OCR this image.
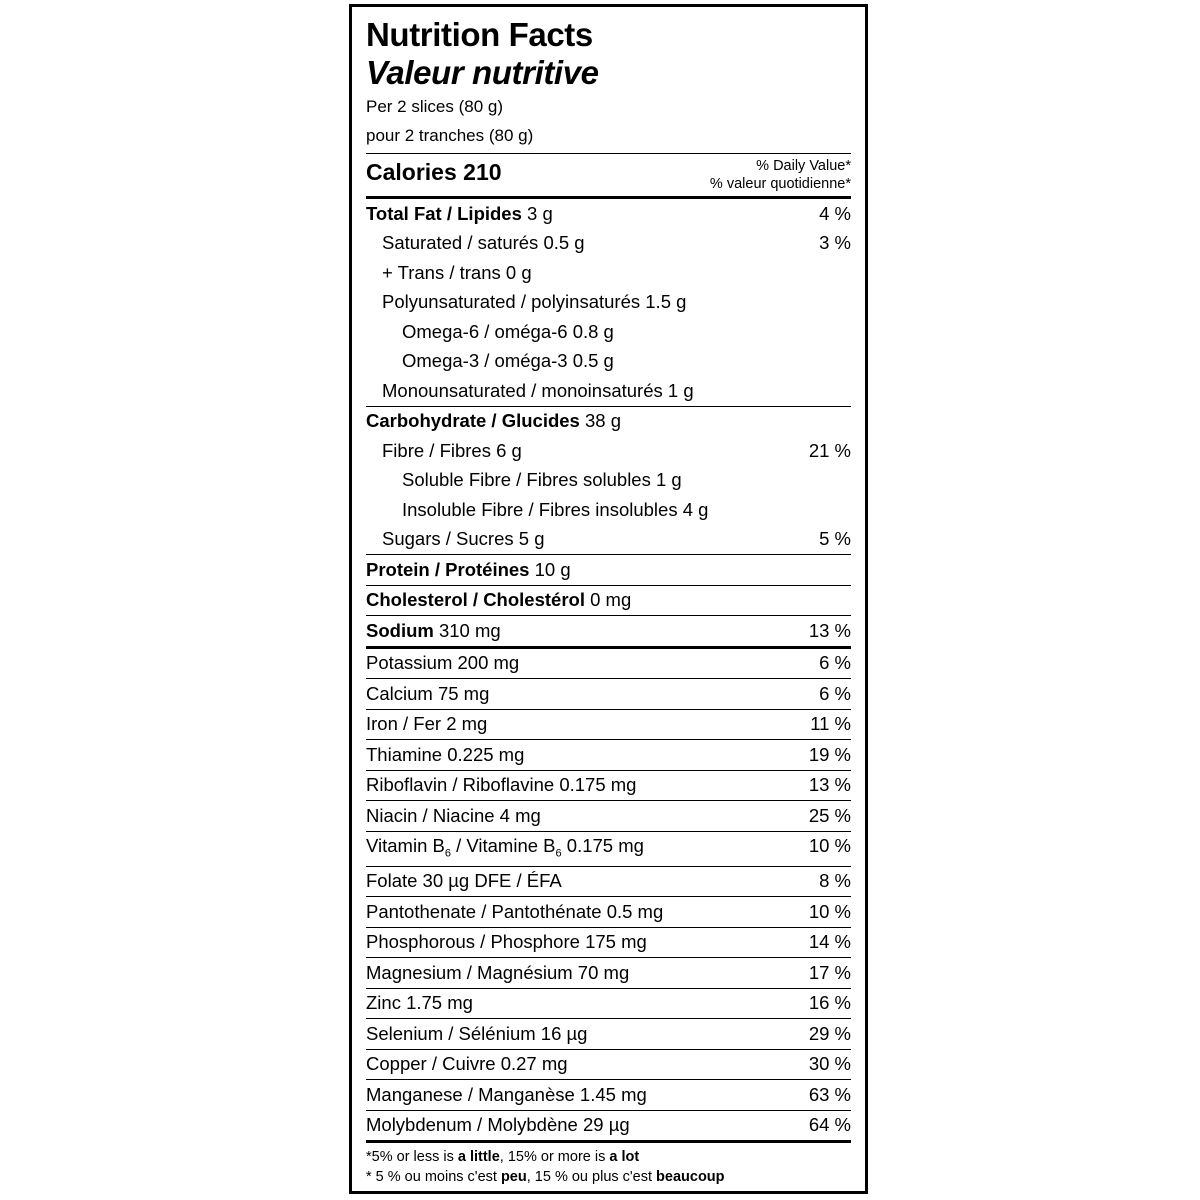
Nutrition Facts
Valeur nutritive
Per 2 slices (80 g)
pour 2 tranches (80 g)
% Daily Value*
% valeur quotidienne*
Calories 210
Total Fat / Lipides 3 g	4 %
Saturated / saturés 0.5 g	3 %
+ Trans / trans 0 g
Polyunsaturated / polyinsaturés 1.5 g
Omega-6 / oméga-6 0.8 g
Omega-3 / oméga-3 0.5 g
Monounsaturated / monoinsaturés 1 g
Carbohydrate / Glucides 38 g
Fibre / Fibres 6 g	21 %
Soluble Fibre / Fibres solubles 1 g
Insoluble Fibre / Fibres insolubles 4 g
Sugars / Sucres 5 g	5 %
Protein / Protéines 10 g
Cholesterol / Cholestérol 0 mg
Sodium 310 mg	13 %
Potassium 200 mg	6 %
Calcium 75 mg	6 %
Iron / Fer 2 mg	11 %
Thiamine 0.225 mg	19 %
Riboflavin / Riboflavine 0.175 mg	13 %
Niacin / Niacine 4 mg	25 %
Vitamin $B_6$ / Vitamine $B_6$ 0.175 mg	10 %
Folate 30 µg DFE / ÉFA	8 %
Pantothenate / Pantothénate 0.5 mg	10 %
Phosphorous / Phosphore 175 mg	14 %
Magnesium / Magnésium 70 mg	17 %
Zinc 1.75 mg	16 %
Selenium / Sélénium 16 µg	29 %
Copper / Cuivre 0.27 mg	30 %
Manganese / Manganèse 1.45 mg	63 %
Molybdenum / Molybdène 29 µg	64 %
*5% or less is a little, 15% or more is a lot
* 5 % ou moins c'est peu, 15 % ou plus c'est beaucoup
